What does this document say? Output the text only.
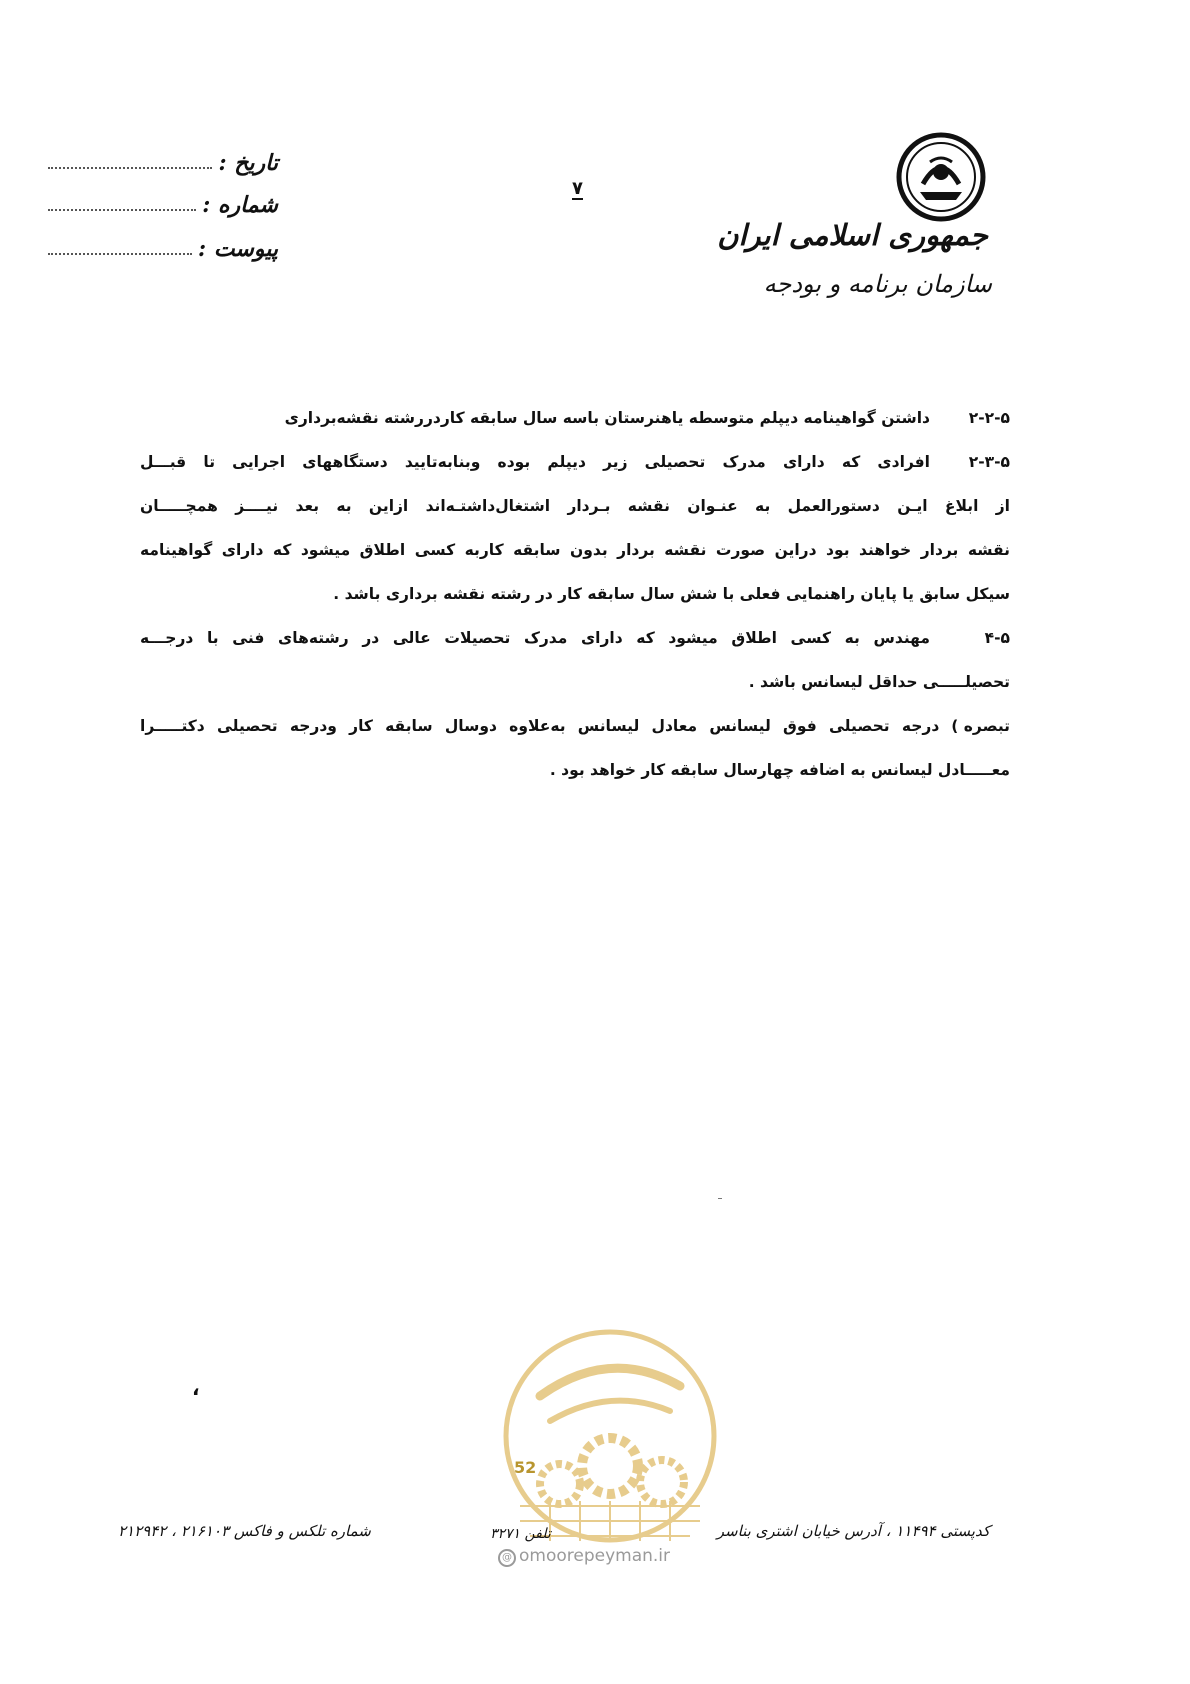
جمهوری اسلامی ایران
سازمان برنامه و بودجه
تاریخ :
شماره :
پیوست :
۷
۲-۲-۵
داشتن گواهینامه دیپلم متوسطه یاهنرستان باسه سال سابقه کاردررشته نقشه‌برداری
۲-۳-۵
افرادی که دارای مدرک تحصیلی زیر دیپلم بوده وبنابه‌تایید دستگاههای اجرایی تا قبـــل
از ابلاغ ایـن دستورالعمل به عنـوان نقشه بـردار اشتغال‌داشتـه‌اند ازاین به بعد نیــــز همچـــــان
نقشه بردار خواهند بود دراین صورت نقشه بردار بدون سابقه کاربه کسی اطلاق میشود که دارای گواهینامه
سیکل سابق یا پایان راهنمایی فعلی با شش سال سابقه کار در رشته نقشه برداری باشد .
۴-۵
مهندس به کسی اطلاق میشود که دارای مدرک تحصیلات عالی در رشته‌های فنی با درجـــه
تحصیلـــــی حداقل لیسانس باشد .
تبصره )
درجه تحصیلی فوق لیسانس معادل لیسانس به‌علاوه دوسال سابقه کار ودرجه تحصیلی دکتـــــرا
معـــــادل لیسانس به اضافه چهارسال سابقه کار خواهد بود .
،
52
@ omoorepeyman.ir
کدپستی ۱۱۴۹۴ ، آدرس خیابان اشتری بناسر
تلفن ۳۲۷۱
شماره تلکس و فاکس ۲۱۶۱۰۳ ، ۲۱۲۹۴۲
